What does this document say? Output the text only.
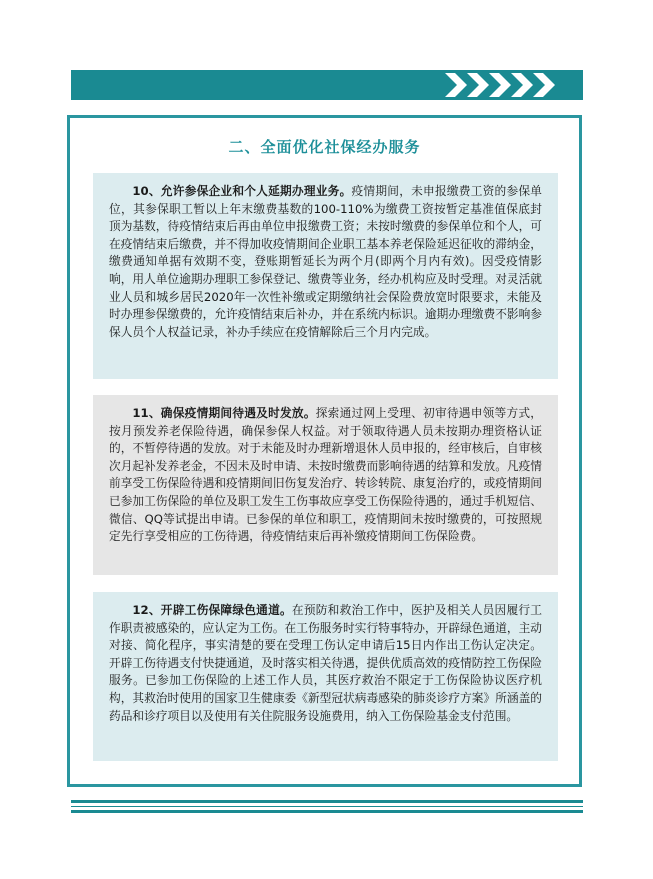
二、全面优化社保经办服务

10、允许参保企业和个人延期办理业务。疫情期间，未申报缴费工资的参保单位，其参保职工暂以上年末缴费基数的100-110%为缴费工资按暂定基准值保底封顶为基数，待疫情结束后再由单位申报缴费工资；未按时缴费的参保单位和个人，可在疫情结束后缴费，并不得加收疫情期间企业职工基本养老保险延迟征收的滞纳金，缴费通知单据有效期不变，登账期暂延长为两个月(即两个月内有效)。因受疫情影响，用人单位逾期办理职工参保登记、缴费等业务，经办机构应及时受理。对灵活就业人员和城乡居民2020年一次性补缴或定期缴纳社会保险费放宽时限要求，未能及时办理参保缴费的，允许疫情结束后补办，并在系统内标识。逾期办理缴费不影响参保人员个人权益记录，补办手续应在疫情解除后三个月内完成。

11、确保疫情期间待遇及时发放。探索通过网上受理、初审待遇申领等方式，按月预发养老保险待遇，确保参保人权益。对于领取待遇人员未按期办理资格认证的，不暂停待遇的发放。对于未能及时办理新增退休人员申报的，经审核后，自审核次月起补发养老金，不因未及时申请、未按时缴费而影响待遇的结算和发放。凡疫情前享受工伤保险待遇和疫情期间旧伤复发治疗、转诊转院、康复治疗的，或疫情期间已参加工伤保险的单位及职工发生工伤事故应享受工伤保险待遇的，通过手机短信、微信、QQ等试提出申请。已参保的单位和职工，疫情期间未按时缴费的，可按照规定先行享受相应的工伤待遇，待疫情结束后再补缴疫情期间工伤保险费。

12、开辟工伤保障绿色通道。在预防和救治工作中，医护及相关人员因履行工作职责被感染的，应认定为工伤。在工伤服务时实行特事特办，开辟绿色通道，主动对接、简化程序，事实清楚的要在受理工伤认定申请后15日内作出工伤认定决定。开辟工伤待遇支付快捷通道，及时落实相关待遇，提供优质高效的疫情防控工伤保险服务。已参加工伤保险的上述工作人员，其医疗救治不限定于工伤保险协议医疗机构，其救治时使用的国家卫生健康委《新型冠状病毒感染的肺炎诊疗方案》所涵盖的药品和诊疗项目以及使用有关住院服务设施费用，纳入工伤保险基金支付范围。
